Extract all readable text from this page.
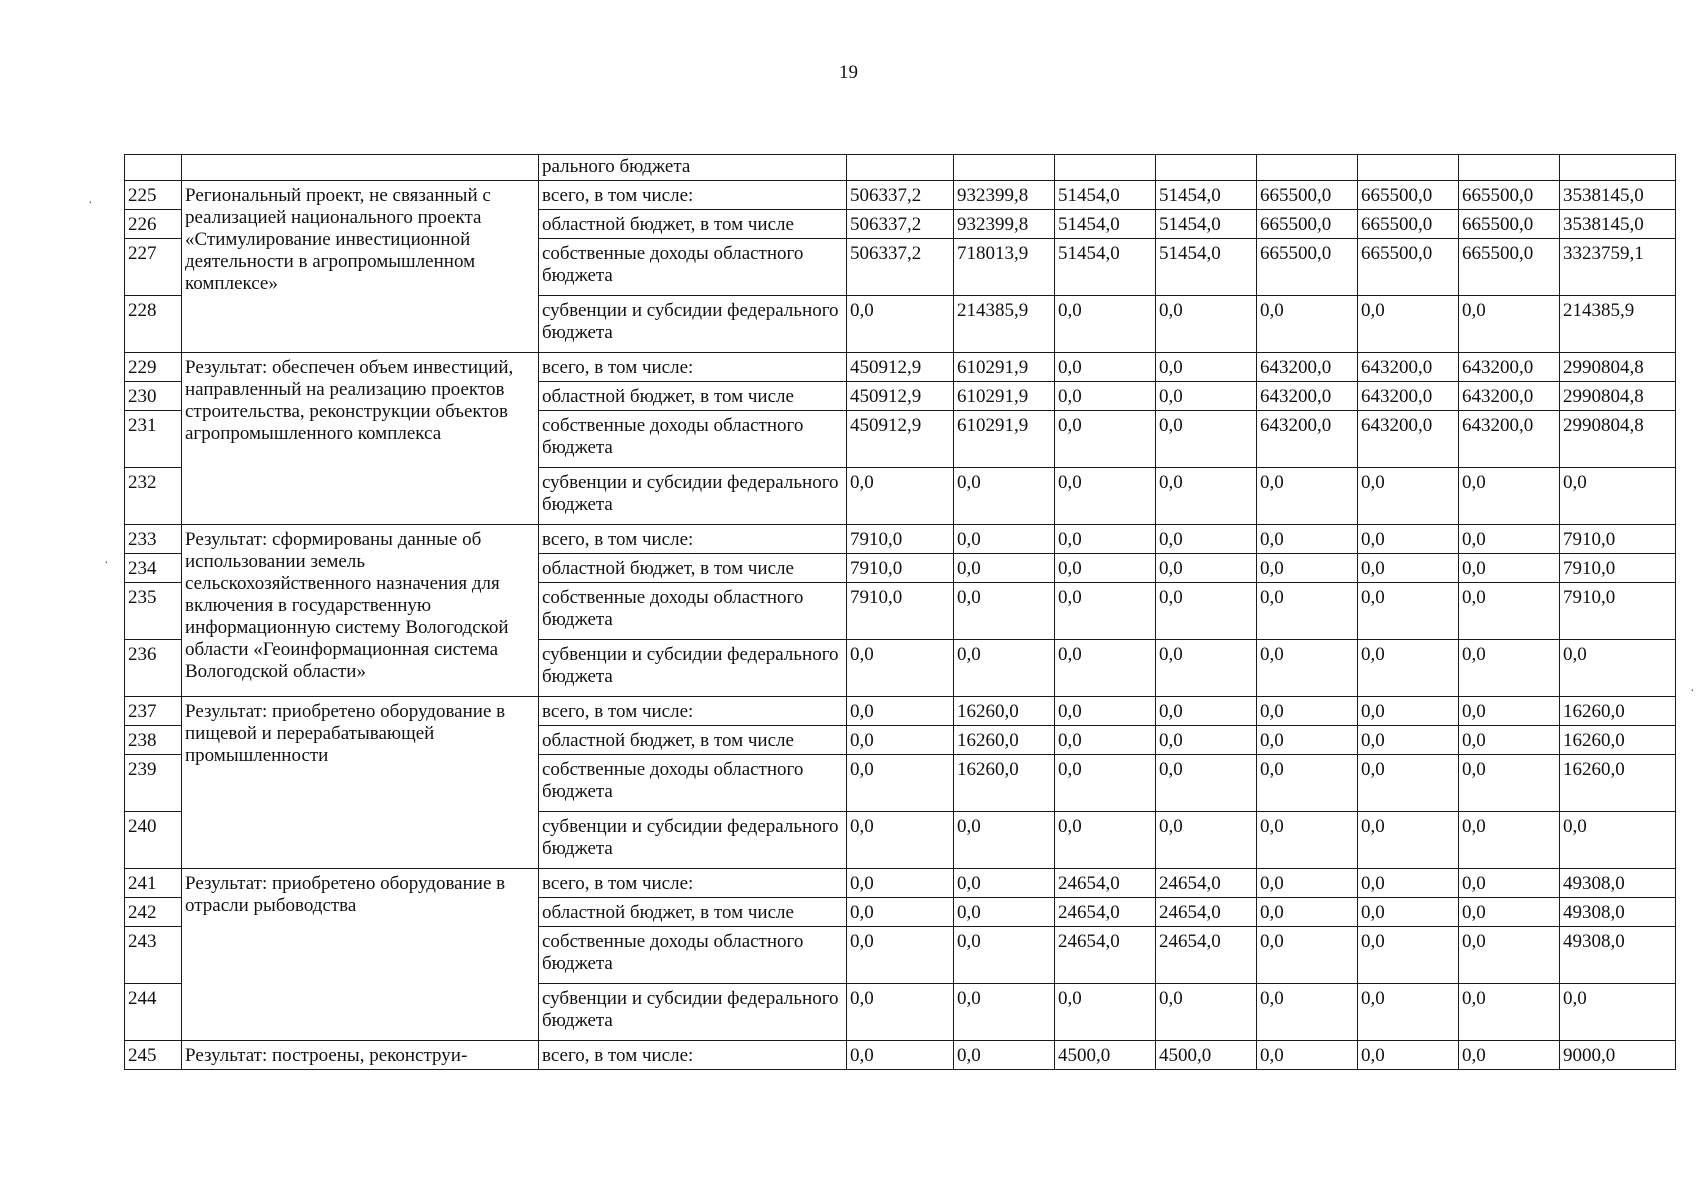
19
		рального бюджета								
225	Региональный проект, не связанный с реализацией национального проекта «Стимулирование инвестиционной деятельности в агропромышленном комплексе»	всего, в том числе:	506337,2	932399,8	51454,0	51454,0	665500,0	665500,0	665500,0	3538145,0
226		областной бюджет, в том числе	506337,2	932399,8	51454,0	51454,0	665500,0	665500,0	665500,0	3538145,0
227		собственные доходы областного бюджета	506337,2	718013,9	51454,0	51454,0	665500,0	665500,0	665500,0	3323759,1
228		субвенции и субсидии федерального бюджета	0,0	214385,9	0,0	0,0	0,0	0,0	0,0	214385,9
229	Результат: обеспечен объем инвестиций, направленный на реализацию проектов строительства, реконструкции объектов агропромышленного комплекса	всего, в том числе:	450912,9	610291,9	0,0	0,0	643200,0	643200,0	643200,0	2990804,8
230		областной бюджет, в том числе	450912,9	610291,9	0,0	0,0	643200,0	643200,0	643200,0	2990804,8
231		собственные доходы областного бюджета	450912,9	610291,9	0,0	0,0	643200,0	643200,0	643200,0	2990804,8
232		субвенции и субсидии федерального бюджета	0,0	0,0	0,0	0,0	0,0	0,0	0,0	0,0
233	Результат: сформированы данные об использовании земель сельскохозяйственного назначения для включения в государственную информационную систему Вологодской области «Геоинформационная система Вологодской области»	всего, в том числе:	7910,0	0,0	0,0	0,0	0,0	0,0	0,0	7910,0
234		областной бюджет, в том числе	7910,0	0,0	0,0	0,0	0,0	0,0	0,0	7910,0
235		собственные доходы областного бюджета	7910,0	0,0	0,0	0,0	0,0	0,0	0,0	7910,0
236		субвенции и субсидии федерального бюджета	0,0	0,0	0,0	0,0	0,0	0,0	0,0	0,0
237	Результат: приобретено оборудование в пищевой и перерабатывающей промышленности	всего, в том числе:	0,0	16260,0	0,0	0,0	0,0	0,0	0,0	16260,0
238		областной бюджет, в том числе	0,0	16260,0	0,0	0,0	0,0	0,0	0,0	16260,0
239		собственные доходы областного бюджета	0,0	16260,0	0,0	0,0	0,0	0,0	0,0	16260,0
240		субвенции и субсидии федерального бюджета	0,0	0,0	0,0	0,0	0,0	0,0	0,0	0,0
241	Результат: приобретено оборудование в отрасли рыбоводства	всего, в том числе:	0,0	0,0	24654,0	24654,0	0,0	0,0	0,0	49308,0
242		областной бюджет, в том числе	0,0	0,0	24654,0	24654,0	0,0	0,0	0,0	49308,0
243		собственные доходы областного бюджета	0,0	0,0	24654,0	24654,0	0,0	0,0	0,0	49308,0
244		субвенции и субсидии федерального бюджета	0,0	0,0	0,0	0,0	0,0	0,0	0,0	0,0
245	Результат: построены, реконструи-	всего, в том числе:	0,0	0,0	4500,0	4500,0	0,0	0,0	0,0	9000,0
·
·
·
